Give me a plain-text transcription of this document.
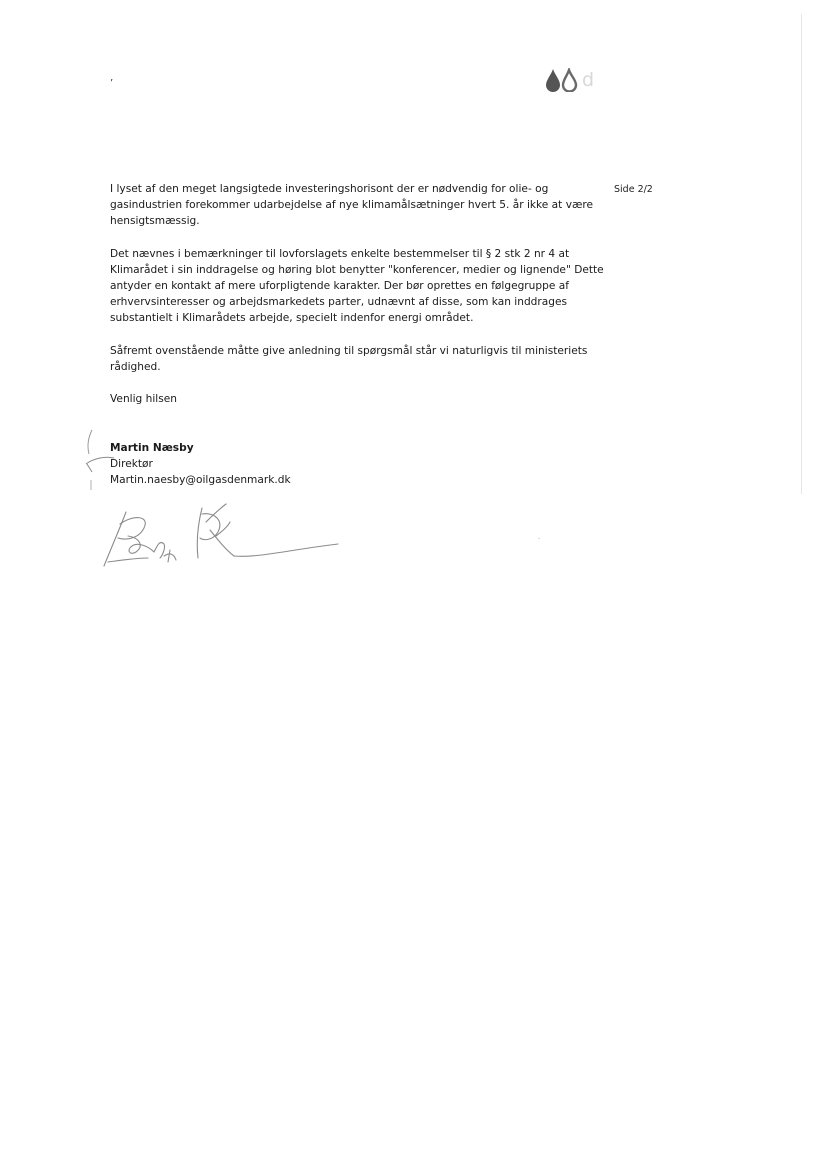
’	d
Side 2/2

I lyset af den meget langsigtede investeringshorisont der er nødvendig for olie- og gasindustrien forekommer udarbejdelse af nye klimamålsætninger hvert 5. år ikke at være hensigtsmæssig.

Det nævnes i bemærkninger til lovforslagets enkelte bestemmelser til § 2 stk 2 nr 4 at Klimarådet i sin inddragelse og høring blot benytter "konferencer, medier og lignende" Dette antyder en kontakt af mere uforpligtende karakter. Der bør oprettes en følgegruppe af erhvervsinteresser og arbejdsmarkedets parter, udnævnt af disse, som kan inddrages substantielt i Klimarådets arbejde, specielt indenfor energi området.

Såfremt ovenstående måtte give anledning til spørgsmål står vi naturligvis til ministeriets rådighed.

Venlig hilsen

Martin Næsby
Direktør
Martin.naesby@oilgasdenmark.dk
